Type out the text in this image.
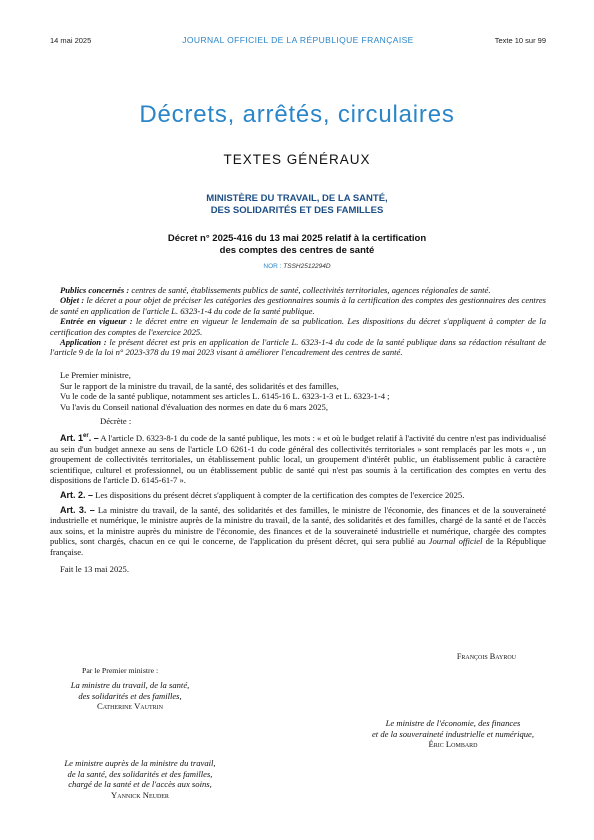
14 mai 2025	JOURNAL OFFICIEL DE LA RÉPUBLIQUE FRANÇAISE	Texte 10 sur 99
Décrets, arrêtés, circulaires
TEXTES GÉNÉRAUX
MINISTÈRE DU TRAVAIL, DE LA SANTÉ,
DES SOLIDARITÉS ET DES FAMILLES
Décret n° 2025-416 du 13 mai 2025 relatif à la certification
des comptes des centres de santé
NOR : TSSH2512294D

Publics concernés : centres de santé, établissements publics de santé, collectivités territoriales, agences régionales de santé.

Objet : le décret a pour objet de préciser les catégories des gestionnaires soumis à la certification des comptes des gestionnaires des centres de santé en application de l'article L. 6323-1-4 du code de la santé publique.

Entrée en vigueur : le décret entre en vigueur le lendemain de sa publication. Les dispositions du décret s'appliquent à compter de la certification des comptes de l'exercice 2025.

Application : le présent décret est pris en application de l'article L. 6323-1-4 du code de la santé publique dans sa rédaction résultant de l'article 9 de la loi n° 2023-378 du 19 mai 2023 visant à améliorer l'encadrement des centres de santé.

Le Premier ministre,

Sur le rapport de la ministre du travail, de la santé, des solidarités et des familles,

Vu le code de la santé publique, notamment ses articles L. 6145-16 L. 6323-1-3 et L. 6323-1-4 ;

Vu l'avis du Conseil national d'évaluation des normes en date du 6 mars 2025,

Décrète :

Art. 1er. – A l'article D. 6323-8-1 du code de la santé publique, les mots : « et où le budget relatif à l'activité du centre n'est pas individualisé au sein d'un budget annexe au sens de l'article LO 6261-1 du code général des collectivités territoriales » sont remplacés par les mots « , un groupement de collectivités territoriales, un établissement public local, un groupement d'intérêt public, un établissement public à caractère scientifique, culturel et professionnel, ou un établissement public de santé qui n'est pas soumis à la certification des comptes en vertu des dispositions de l'article D. 6145-61-7 ».

Art. 2. – Les dispositions du présent décret s'appliquent à compter de la certification des comptes de l'exercice 2025.

Art. 3. – La ministre du travail, de la santé, des solidarités et des familles, le ministre de l'économie, des finances et de la souveraineté industrielle et numérique, le ministre auprès de la ministre du travail, de la santé, des solidarités et des familles, chargé de la santé et de l'accès aux soins, et la ministre auprès du ministre de l'économie, des finances et de la souveraineté industrielle et numérique, chargée des comptes publics, sont chargés, chacun en ce qui le concerne, de l'application du présent décret, qui sera publié au Journal officiel de la République française.

Fait le 13 mai 2025.

François Bayrou
Par le Premier ministre :
La ministre du travail, de la santé,
des solidarités et des familles,
Catherine Vautrin
Le ministre de l'économie, des finances
et de la souveraineté industrielle et numérique,
Éric Lombard
Le ministre auprès de la ministre du travail,
de la santé, des solidarités et des familles,
chargé de la santé et de l'accès aux soins,
Yannick Neuder
